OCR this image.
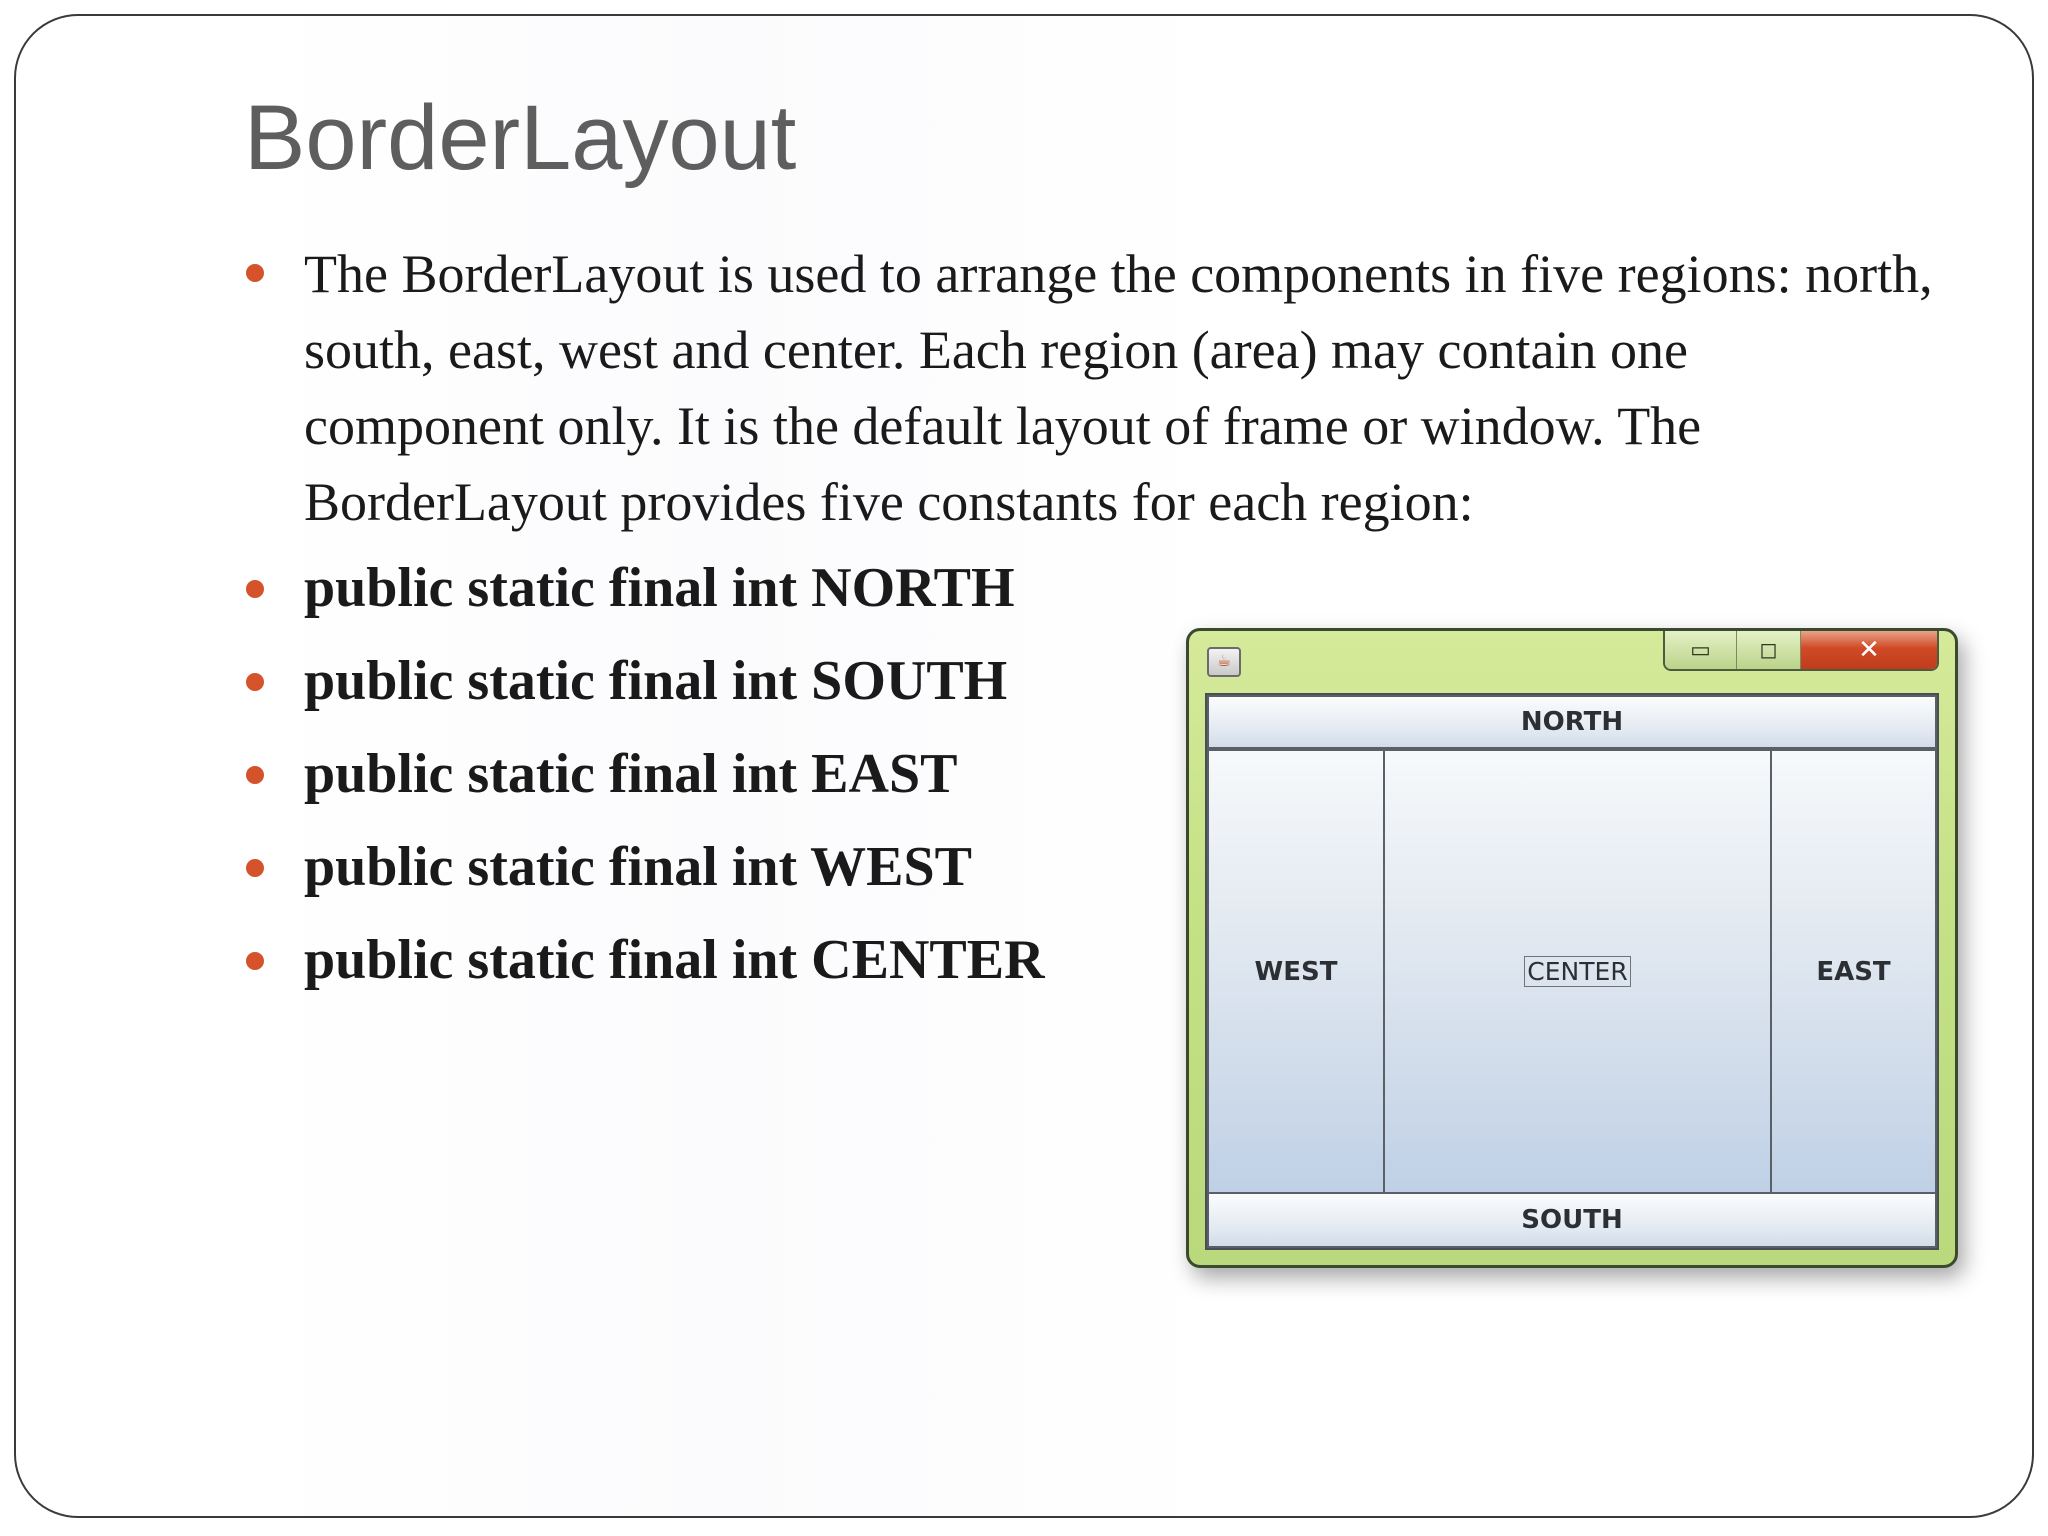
BorderLayout
The BorderLayout is used to arrange the components in five regions: north, south, east, west and center. Each region (area) may contain one component only. It is the default layout of frame or window. The BorderLayout provides five constants for each region:
public static final int NORTH
public static final int SOUTH
public static final int EAST
public static final int WEST
public static final int CENTER
☕	▭	◻	✕
NORTH
WEST	CENTER	EAST
SOUTH
